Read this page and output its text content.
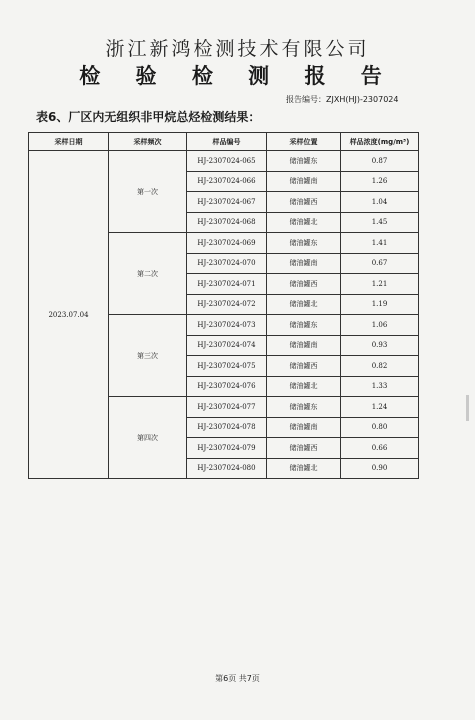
浙江新鸿检测技术有限公司
检 验 检 测 报 告
报告编号：ZJXH(HJ)-2307024
表6、厂区内无组织非甲烷总烃检测结果：
采样日期	采样频次	样品编号	采样位置	样品浓度(mg/m³)
2023.07.04	第一次	HJ-2307024-065	储油罐东	0.87
		HJ-2307024-066	储油罐南	1.26
		HJ-2307024-067	储油罐西	1.04
		HJ-2307024-068	储油罐北	1.45
	第二次	HJ-2307024-069	储油罐东	1.41
		HJ-2307024-070	储油罐南	0.67
		HJ-2307024-071	储油罐西	1.21
		HJ-2307024-072	储油罐北	1.19
	第三次	HJ-2307024-073	储油罐东	1.06
		HJ-2307024-074	储油罐南	0.93
		HJ-2307024-075	储油罐西	0.82
		HJ-2307024-076	储油罐北	1.33
	第四次	HJ-2307024-077	储油罐东	1.24
		HJ-2307024-078	储油罐南	0.80
		HJ-2307024-079	储油罐西	0.66
		HJ-2307024-080	储油罐北	0.90
第6页 共7页
